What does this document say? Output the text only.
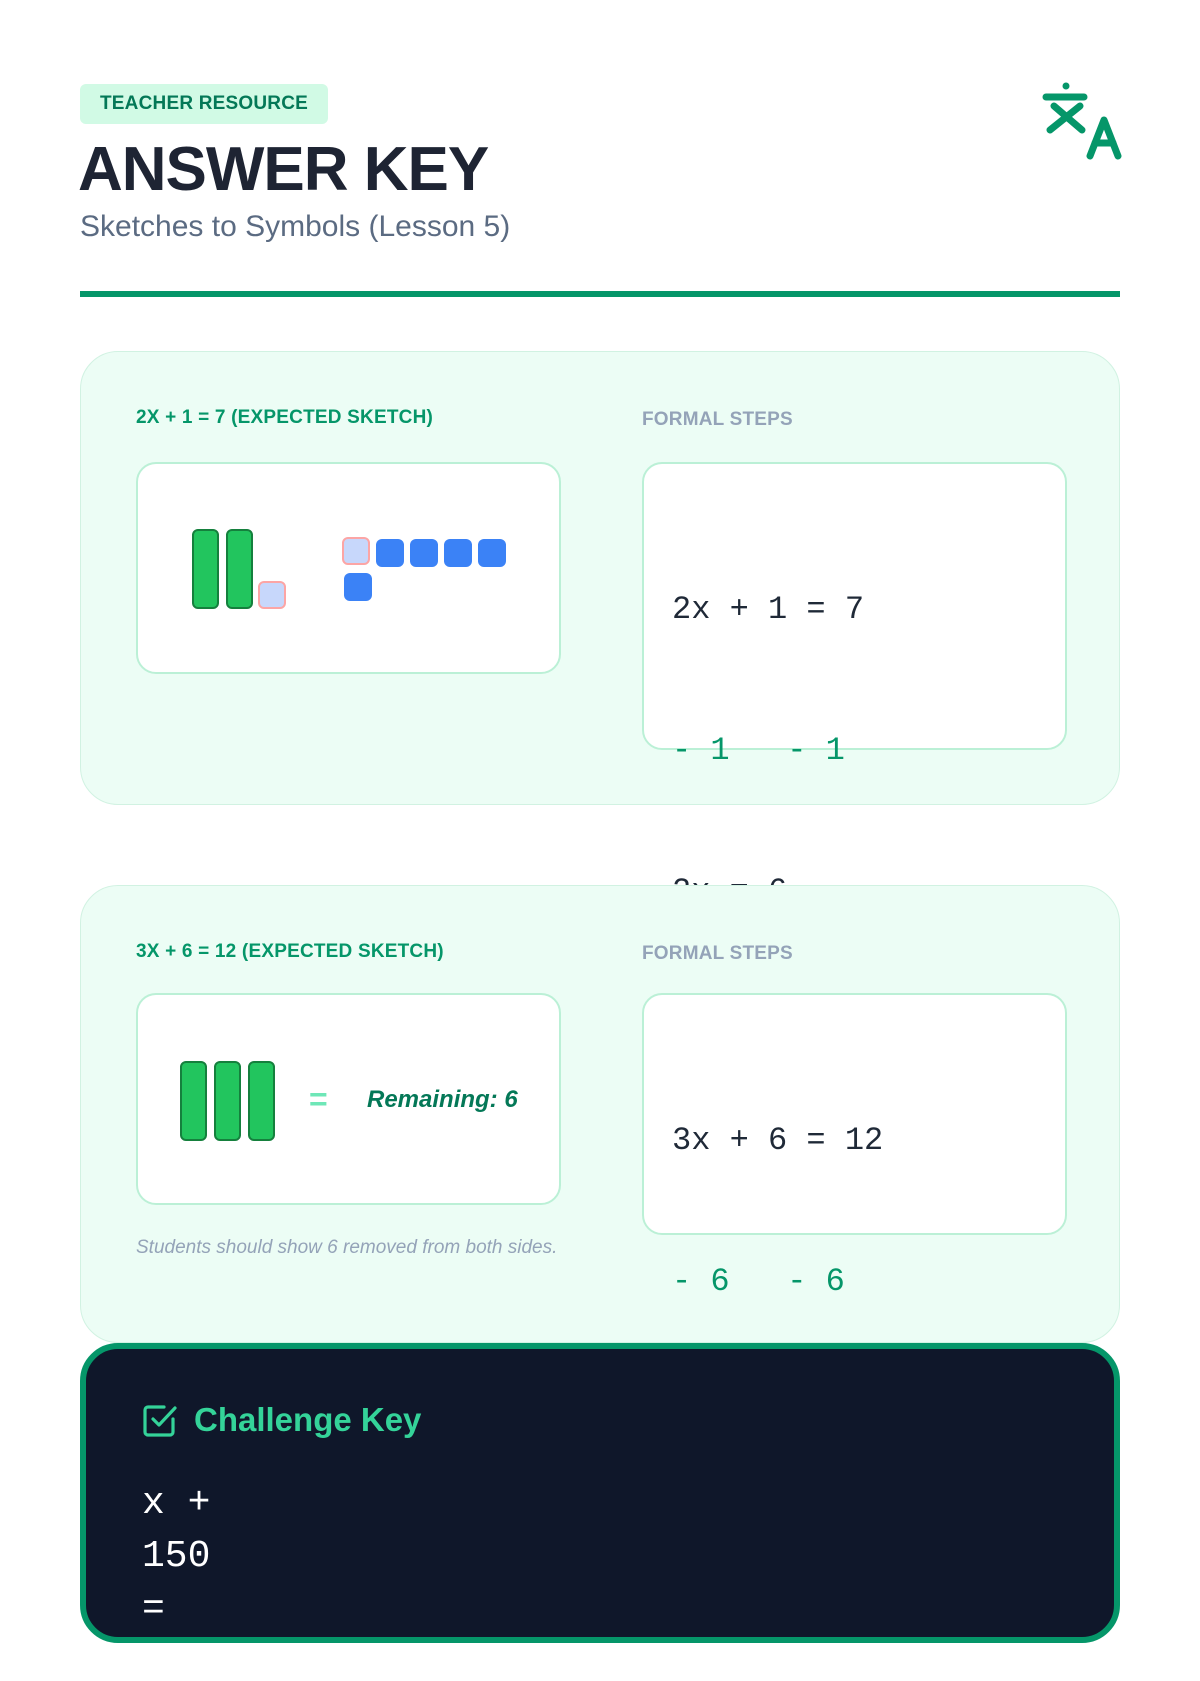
TEACHER RESOURCE
ANSWER KEY
Sketches to Symbols (Lesson 5)
2X + 1 = 7 (EXPECTED SKETCH)	FORMAL STEPS

2x + 1 = 7

- 1   - 1

3X + 6 = 12 (EXPECTED SKETCH)	FORMAL STEPS
= Remaining: 6
Students should show 6 removed from both sides.

3x + 6 = 12

- 6   - 6

Challenge Key
x +
150
=
